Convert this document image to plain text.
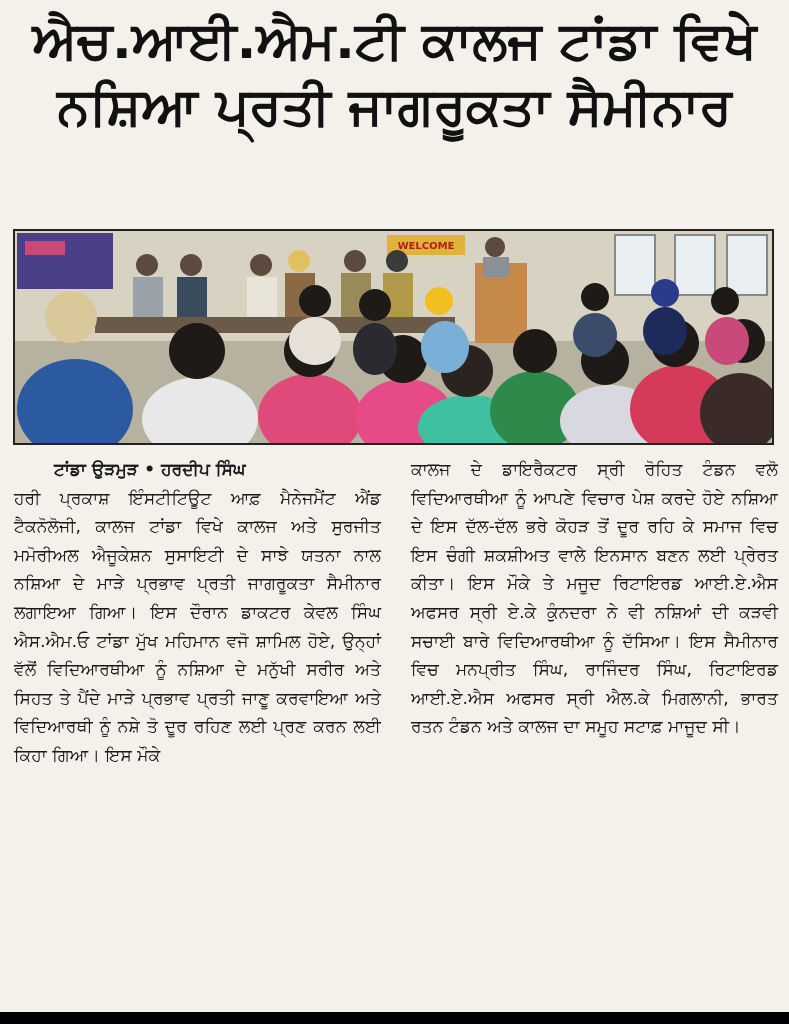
ਐਚ.ਆਈ.ਐਮ.ਟੀ ਕਾਲਜ ਟਾਂਡਾ ਵਿਖੇ
ਨਸ਼ਿਆ ਪ੍ਰਤੀ ਜਾਗਰੂਕਤਾ ਸੈਮੀਨਾਰ
WELCOME
ਟਾਂਡਾ ਉੜਮੁੜ • ਹਰਦੀਪ ਸਿੰਘ

ਹਰੀ ਪ੍ਰਕਾਸ਼ ਇੰਸਟੀਟਿਊਟ ਆਫ਼ ਮੈਨੇਜਮੈਂਟ ਐਂਡ ਟੈਕਨੋਲੋਜੀ, ਕਾਲਜ ਟਾਂਡਾ ਵਿਖੇ ਕਾਲਜ ਅਤੇ ਸੁਰਜੀਤ ਮਮੋਰੀਅਲ ਐਜੂਕੇਸ਼ਨ ਸੁਸਾਇਟੀ ਦੇ ਸਾਝੇ ਯਤਨਾ ਨਾਲ ਨਸ਼ਿਆ ਦੇ ਮਾੜੇ ਪ੍ਰਭਾਵ ਪ੍ਰਤੀ ਜਾਗਰੂਕਤਾ ਸੈਮੀਨਾਰ ਲਗਾਇਆ ਗਿਆ। ਇਸ ਦੌਰਾਨ ਡਾਕਟਰ ਕੇਵਲ ਸਿੰਘ ਐਸ.ਐਮ.ਓ ਟਾਂਡਾ ਮੁੱਖ ਮਹਿਮਾਨ ਵਜੋ ਸ਼ਾਮਿਲ ਹੋਏ, ਉਨ੍ਹਾਂ ਵੱਲੋਂ ਵਿਦਿਆਰਥੀਆ ਨੂੰ ਨਸ਼ਿਆ ਦੇ ਮਨੁੱਖੀ ਸਰੀਰ ਅਤੇ ਸਿਹਤ ਤੇ ਪੈਂਦੇ ਮਾੜੇ ਪ੍ਰਭਾਵ ਪ੍ਰਤੀ ਜਾਣੂ ਕਰਵਾਇਆ ਅਤੇ ਵਿਦਿਆਰਥੀ ਨੂੰ ਨਸ਼ੇ ਤੋ ਦੂਰ ਰਹਿਣ ਲਈ ਪ੍ਰਣ ਕਰਨ ਲਈ ਕਿਹਾ ਗਿਆ। ਇਸ ਮੌਕੇ

ਕਾਲਜ ਦੇ ਡਾਇਰੈਕਟਰ ਸ੍ਰੀ ਰੋਹਿਤ ਟੰਡਨ ਵਲੋ ਵਿਦਿਆਰਥੀਆ ਨੂੰ ਆਪਣੇ ਵਿਚਾਰ ਪੇਸ਼ ਕਰਦੇ ਹੋਏ ਨਸ਼ਿਆ ਦੇ ਇਸ ਦੱਲ-ਦੱਲ ਭਰੇ ਕੋਹੜ ਤੋਂ ਦੂਰ ਰਹਿ ਕੇ ਸਮਾਜ ਵਿਚ ਇਸ ਚੰਗੀ ਸ਼ਕਸ਼ੀਅਤ ਵਾਲੇ ਇਨਸਾਨ ਬਣਨ ਲਈ ਪ੍ਰੇਰਤ ਕੀਤਾ। ਇਸ ਮੌਕੇ ਤੇ ਮਜੂਦ ਰਿਟਾਇਰਡ ਆਈ.ਏ.ਐਸ ਅਫਸਰ ਸ੍ਰੀ ਏ.ਕੇ ਕੁੰਨਦਰਾ ਨੇ ਵੀ ਨਸ਼ਿਆਂ ਦੀ ਕੜਵੀ ਸਚਾਈ ਬਾਰੇ ਵਿਦਿਆਰਥੀਆ ਨੂੰ ਦੱਸਿਆ। ਇਸ ਸੈਮੀਨਾਰ ਵਿਚ ਮਨਪ੍ਰੀਤ ਸਿੰਘ, ਰਾਜਿੰਦਰ ਸਿੰਘ, ਰਿਟਾਇਰਡ ਆਈ.ਏ.ਐਸ ਅਫਸਰ ਸ੍ਰੀ ਐਲ.ਕੇ ਮਿਗਲਾਨੀ, ਭਾਰਤ ਰਤਨ ਟੰਡਨ ਅਤੇ ਕਾਲਜ ਦਾ ਸਮੂਹ ਸਟਾਫ਼ ਮਾਜੂਦ ਸੀ।
